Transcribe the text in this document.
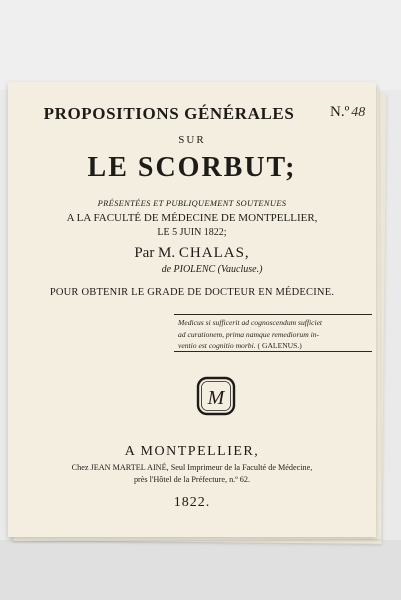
PROPOSITIONS GÉNÉRALES	N.º 48
SUR
LE SCORBUT;
PRÉSENTÉES ET PUBLIQUEMENT SOUTENUES
A LA FACULTÉ DE MÉDECINE DE MONTPELLIER,
LE 5 JUIN 1822;
Par M. CHALAS,
de PIOLENC (Vaucluse.)
POUR OBTENIR LE GRADE DE DOCTEUR EN MÉDECINE.
Medicus si sufficerit ad cognoscendum sufficiet
ad curationem, prima namque remediorum in-
ventio est cognitio morbi. ( GALENUS.)
M
A MONTPELLIER,
Chez JEAN MARTEL AINÉ, Seul Imprimeur de la Faculté de Médecine,
près l'Hôtel de la Préfecture, n.º 62.
1822.
